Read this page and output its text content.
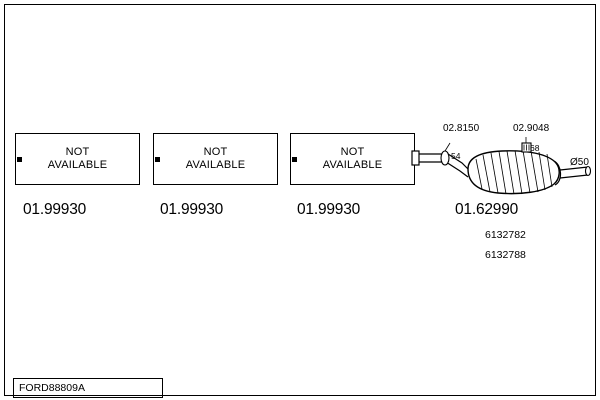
NOT
AVAILABLE
01.99930
NOT
AVAILABLE
01.99930
NOT
AVAILABLE
01.99930
02.8150
54
02.9048
68
Ø50
01.62990
6132782
6132788
FORD88809A
